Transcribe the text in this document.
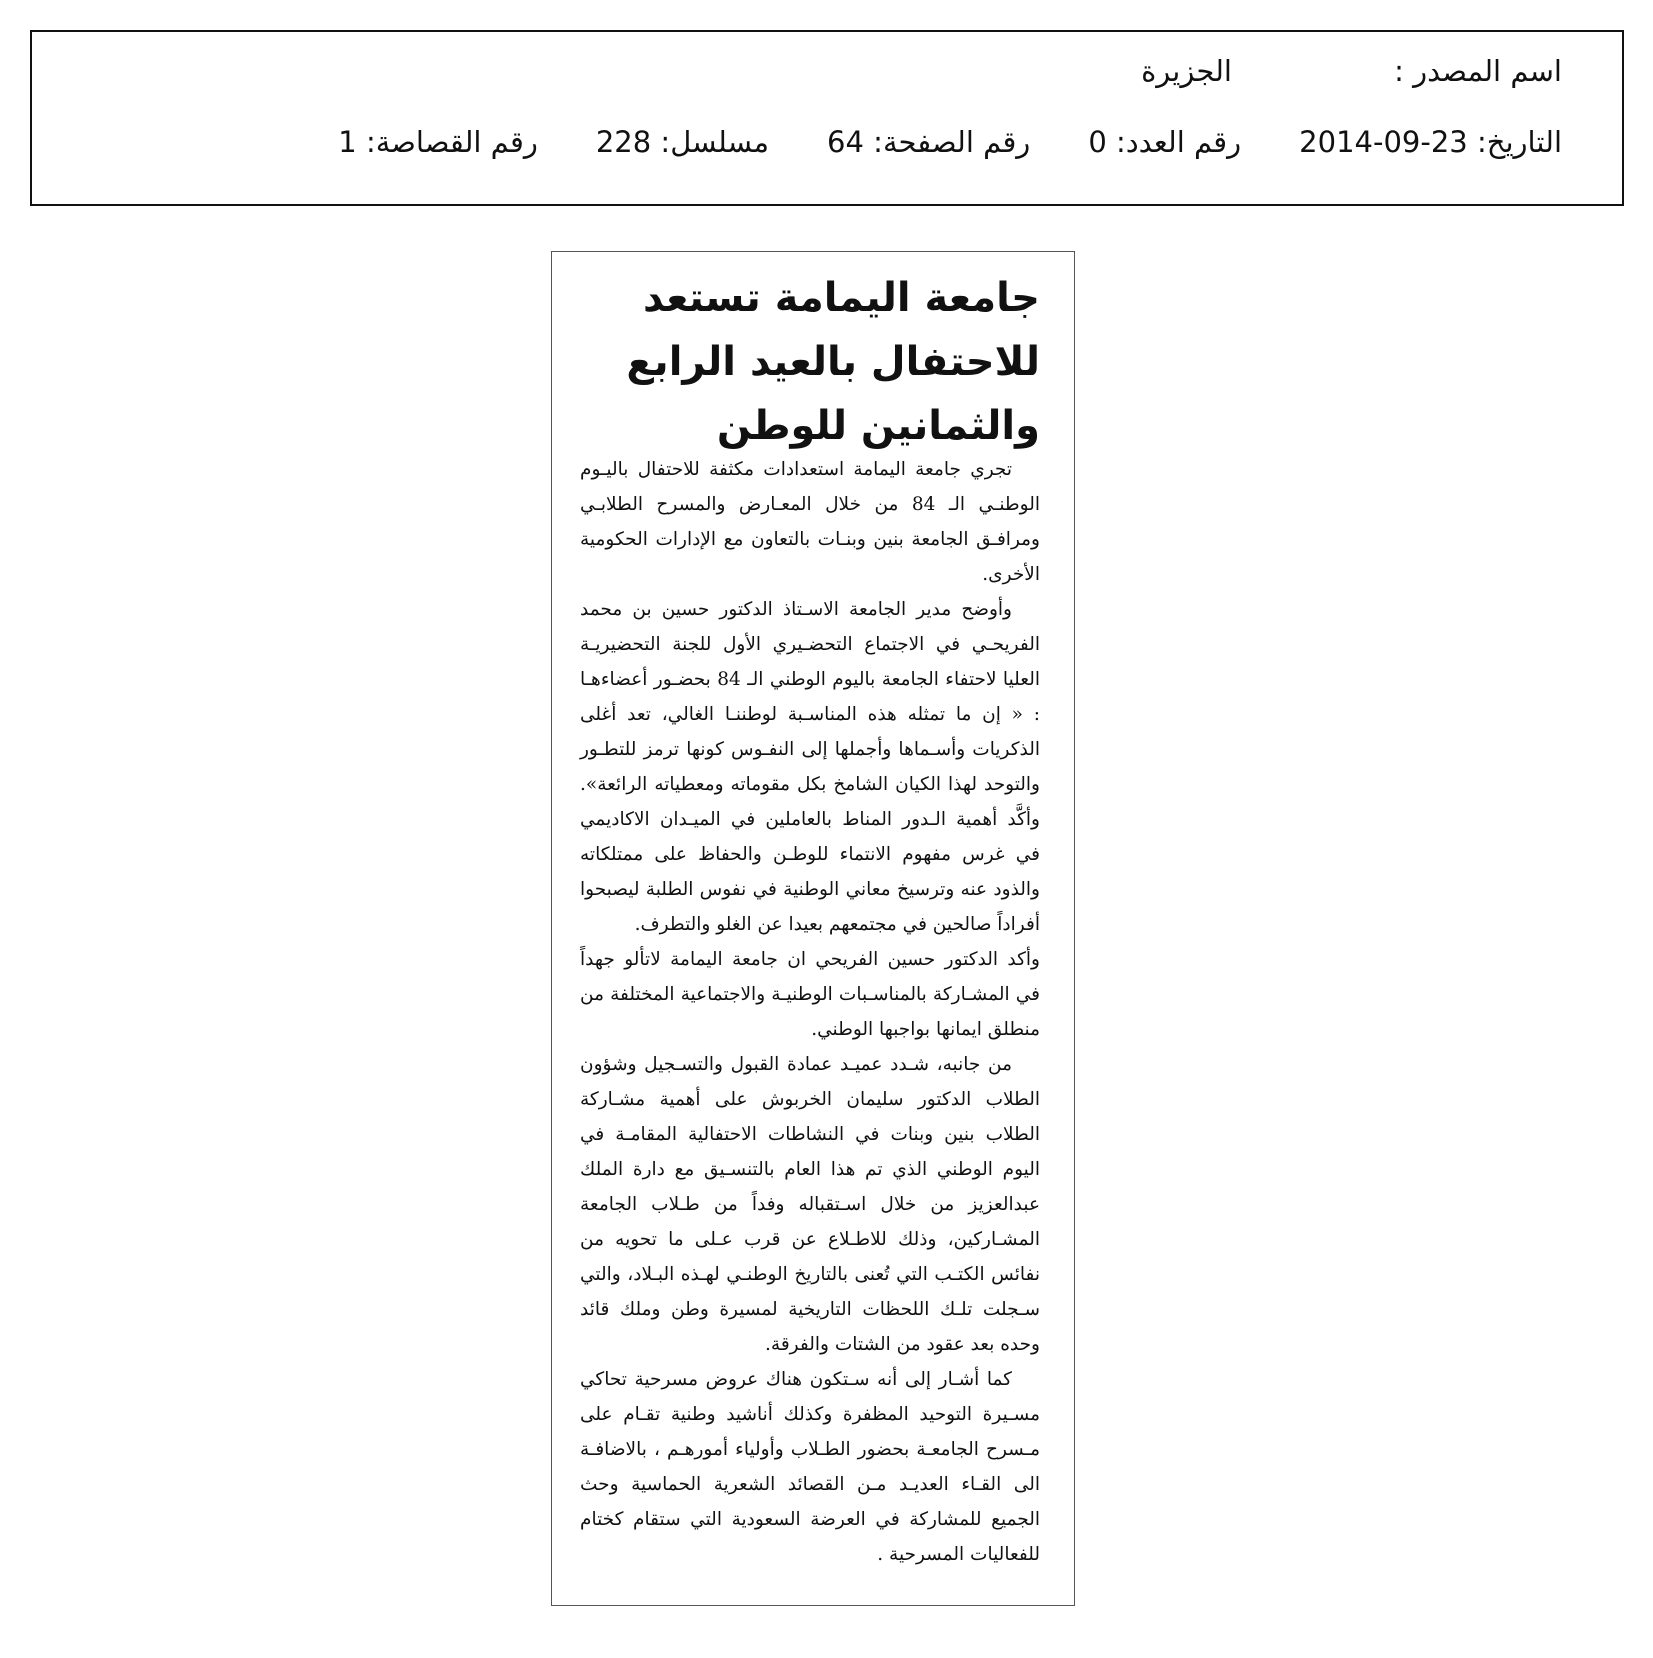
اسم المصدر :
الجزيرة
التاريخ: 23-09-2014
رقم العدد: 0
رقم الصفحة: 64
مسلسل: 228
رقم القصاصة: 1
جامعة اليمامة تستعد
للاحتفال بالعيد الرابع
والثمانين للوطن

تجري جامعة اليمامة استعدادات مكثفة للاحتفال باليـوم الوطنـي الـ 84 من خلال المعـارض والمسرح الطلابـي ومرافـق الجامعة بنين وبنـات بالتعاون مع الإدارات الحكومية الأخرى.

وأوضح مدير الجامعة الاسـتاذ الدكتور حسين بن محمد الفريحـي في الاجتماع التحضـيري الأول للجنة التحضيريـة العليا لاحتفاء الجامعة باليوم الوطني الـ 84 بحضـور أعضاءهـا : « إن ما تمثله هذه المناسـبة لوطننـا الغالي، تعد أغلى الذكريات وأسـماها وأجملها إلى النفـوس كونها ترمز للتطـور والتوحد لهذا الكيان الشامخ بكل مقوماته ومعطياته الرائعة». وأكَّد أهمية الـدور المناط بالعاملين في الميـدان الاكاديمي في غرس مفهوم الانتماء للوطـن والحفاظ على ممتلكاته والذود عنه وترسيخ معاني الوطنية في نفوس الطلبة ليصبحوا أفراداً صالحين في مجتمعهم بعيدا عن الغلو والتطرف.

وأكد الدكتور حسين الفريحي ان جامعة اليمامة لاتألو جهداً في المشـاركة بالمناسـبات الوطنيـة والاجتماعية المختلفة من منطلق ايمانها بواجبها الوطني.

من جانبه، شـدد عميـد عمادة القبول والتسـجيل وشؤون الطلاب الدكتور سليمان الخربوش على أهمية مشـاركة الطلاب بنين وبنات في النشاطات الاحتفالية المقامـة في اليوم الوطني الذي تم هذا العام بالتنسـيق مع دارة الملك عبدالعزيز من خلال اسـتقباله وفداً من طـلاب الجامعة المشـاركين، وذلك للاطـلاع عن قرب عـلى ما تحويه من نفائس الكتـب التي تُعنى بالتاريخ الوطنـي لهـذه البـلاد، والتي سـجلت تلـك اللحظات التاريخية لمسيرة وطن وملك قائد وحده بعد عقود من الشتات والفرقة.

كما أشـار إلى أنه سـتكون هناك عروض مسرحية تحاكي مسـيرة التوحيد المظفرة وكذلك أناشيد وطنية تقـام على مـسرح الجامعـة بحضور الطـلاب وأولياء أمورهـم ، بالاضافـة الى القـاء العديـد مـن القصائد الشعرية الحماسية وحث الجميع للمشاركة في العرضة السعودية التي ستقام كختام للفعاليات المسرحية .
